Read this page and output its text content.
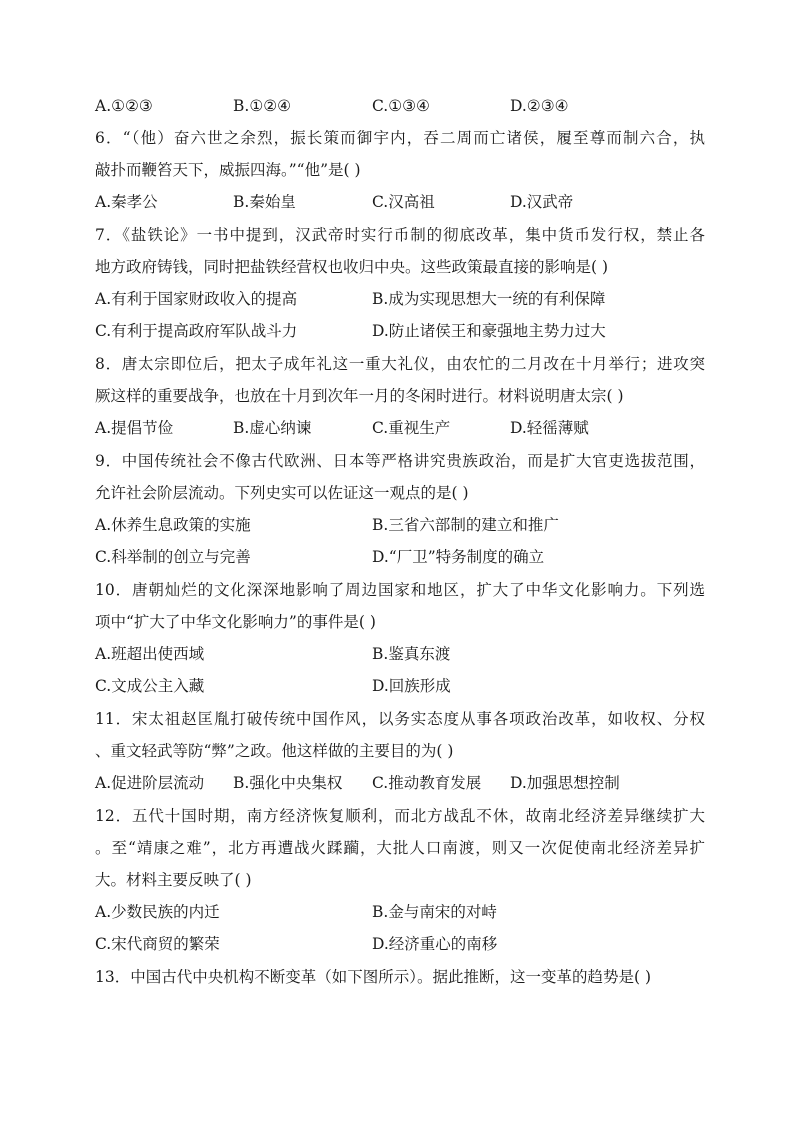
A.①②③	B.①②④	C.①③④	D.②③④
6．“（他）奋六世之余烈，振长策而御宇内，吞二周而亡诸侯，履至尊而制六合，执
敲扑而鞭笞天下，威振四海。”“他”是( )
A.秦孝公	B.秦始皇	C.汉高祖	D.汉武帝
7．《盐铁论》一书中提到，汉武帝时实行币制的彻底改革，集中货币发行权，禁止各
地方政府铸钱，同时把盐铁经营权也收归中央。这些政策最直接的影响是( )
A.有利于国家财政收入的提高	B.成为实现思想大一统的有利保障
C.有利于提高政府军队战斗力	D.防止诸侯王和豪强地主势力过大
8．唐太宗即位后，把太子成年礼这一重大礼仪，由农忙的二月改在十月举行；进攻突
厥这样的重要战争，也放在十月到次年一月的冬闲时进行。材料说明唐太宗( )
A.提倡节俭	B.虚心纳谏	C.重视生产	D.轻徭薄赋
9．中国传统社会不像古代欧洲、日本等严格讲究贵族政治，而是扩大官吏选拔范围，
允许社会阶层流动。下列史实可以佐证这一观点的是( )
A.休养生息政策的实施	B.三省六部制的建立和推广
C.科举制的创立与完善	D.“厂卫”特务制度的确立
10．唐朝灿烂的文化深深地影响了周边国家和地区，扩大了中华文化影响力。下列选
项中“扩大了中华文化影响力”的事件是( )
A.班超出使西域	B.鉴真东渡
C.文成公主入藏	D.回族形成
11．宋太祖赵匡胤打破传统中国作风，以务实态度从事各项政治改革，如收权、分权
、重文轻武等防“弊”之政。他这样做的主要目的为( )
A.促进阶层流动 B.强化中央集权 C.推动教育发展 D.加强思想控制
12．五代十国时期，南方经济恢复顺利，而北方战乱不休，故南北经济差异继续扩大
。至“靖康之难”，北方再遭战火蹂躏，大批人口南渡，则又一次促使南北经济差异扩
大。材料主要反映了( )
A.少数民族的内迁	B.金与南宋的对峙
C.宋代商贸的繁荣	D.经济重心的南移
13．中国古代中央机构不断变革（如下图所示）。据此推断，这一变革的趋势是( )
